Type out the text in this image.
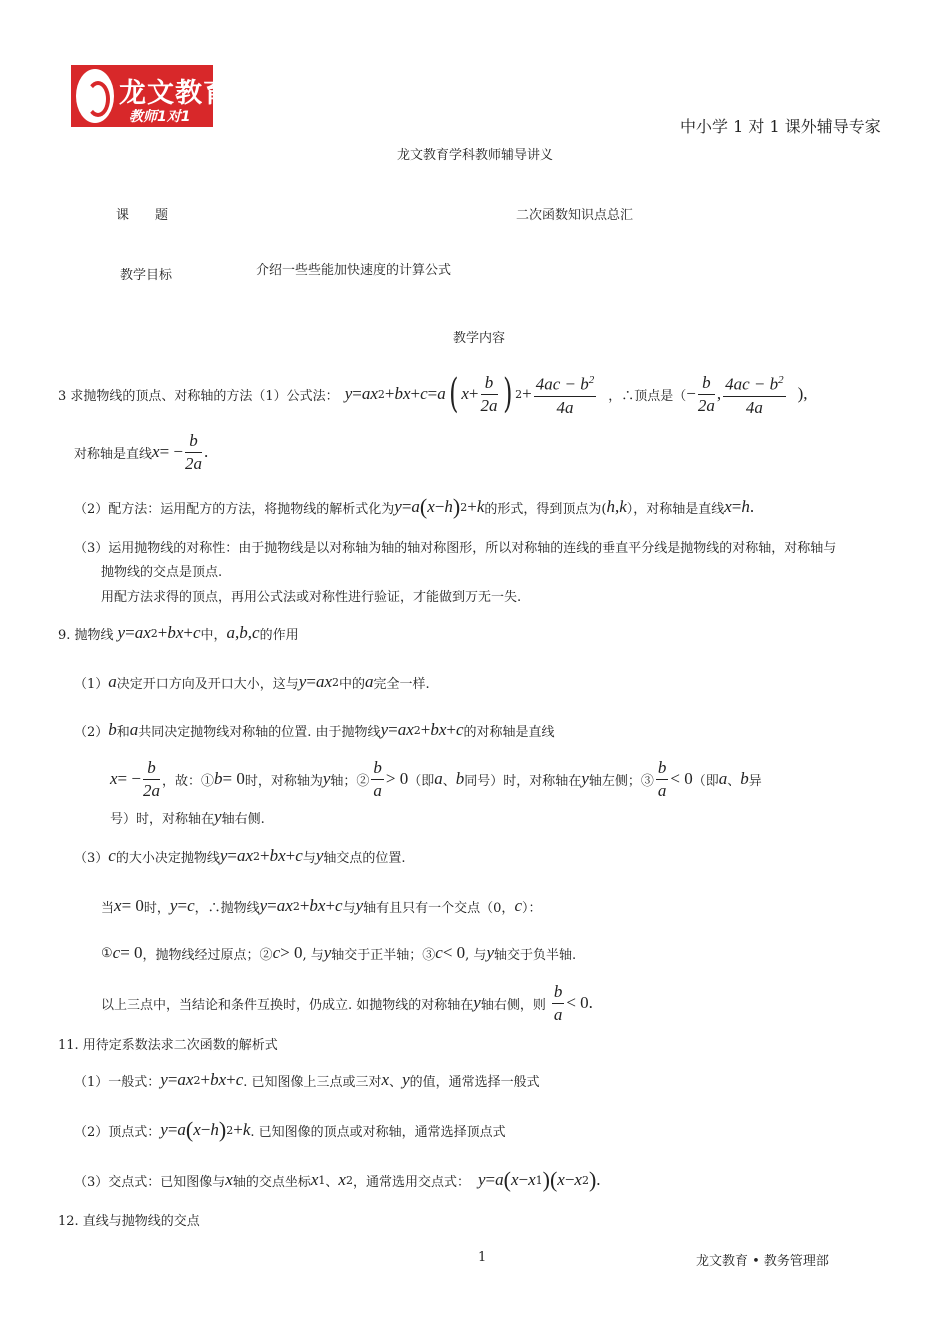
龙文教育
教师1对1	中小学 1 对 1 课外辅导专家
龙文教育学科教师辅导讲义
课　　题	二次函数知识点总汇
教学目标	介绍一些些能加快速度的计算公式
教学内容
3 求抛物线的顶点、对称轴的方法（1）公式法： y = ax 2 + bx + c = a ( $x + \frac{b}{2a}$ ) $2 + \frac{4ac - b^2}{4a}$ ，∴顶点是（ − $\frac{b}{2a}$ , $\frac{4ac - b^2}{4a}$ ),
对称轴是直线 x = − $\frac{b}{2a}$ .
（2）配方法：运用配方的方法，将抛物线的解析式化为 y = a ( x − h ) 2 + k 的形式，得到顶点为( h , k ），对称轴是直线 x = h .
（3）运用抛物线的对称性：由于抛物线是以对称轴为轴的轴对称图形，所以对称轴的连线的垂直平分线是抛物线的对称轴，对称轴与
抛物线的交点是顶点.
用配方法求得的顶点，再用公式法或对称性进行验证，才能做到万无一失.
9. 抛物线 y = ax 2 + bx + c 中， a , b , c 的作用
（1） a 决定开口方向及开口大小，这与 y = ax 2 中的 a 完全一样.
（2） b 和 a 共同决定抛物线对称轴的位置. 由于抛物线 y = ax 2 + bx + c 的对称轴是直线
x = − $\frac{b}{2a}$ ，故：① b = 0 时，对称轴为 y 轴；② $\frac{b}{a} > 0$ （即 a 、 b 同号）时，对称轴在 y 轴左侧；③ $\frac{b}{a} < 0$ （即 a 、 b 异
号）时，对称轴在 y 轴右侧.
（3） c 的大小决定抛物线 y = ax 2 + bx + c 与 y 轴交点的位置.
当 x = 0 时， y = c ，∴抛物线 y = ax 2 + bx + c 与 y 轴有且只有一个交点（0， c ）：
① c = 0 ，抛物线经过原点；② c > 0 , 与 y 轴交于正半轴；③ c < 0 , 与 y 轴交于负半轴.
以上三点中，当结论和条件互换时，仍成立. 如抛物线的对称轴在 y 轴右侧，则 $\frac{b}{a} < 0$.
11. 用待定系数法求二次函数的解析式
（1）一般式： y = ax 2 + bx + c . 已知图像上三点或三对 x 、 y 的值，通常选择一般式
（2）顶点式： y = a ( x − h ) 2 + k . 已知图像的顶点或对称轴，通常选择顶点式
（3）交点式：已知图像与 x 轴的交点坐标 x 1 、 x 2 ，通常选用交点式： y = a ( x − x 1 )( x − x 2 ) .
12. 直线与抛物线的交点
1	龙文教育 • 教务管理部
